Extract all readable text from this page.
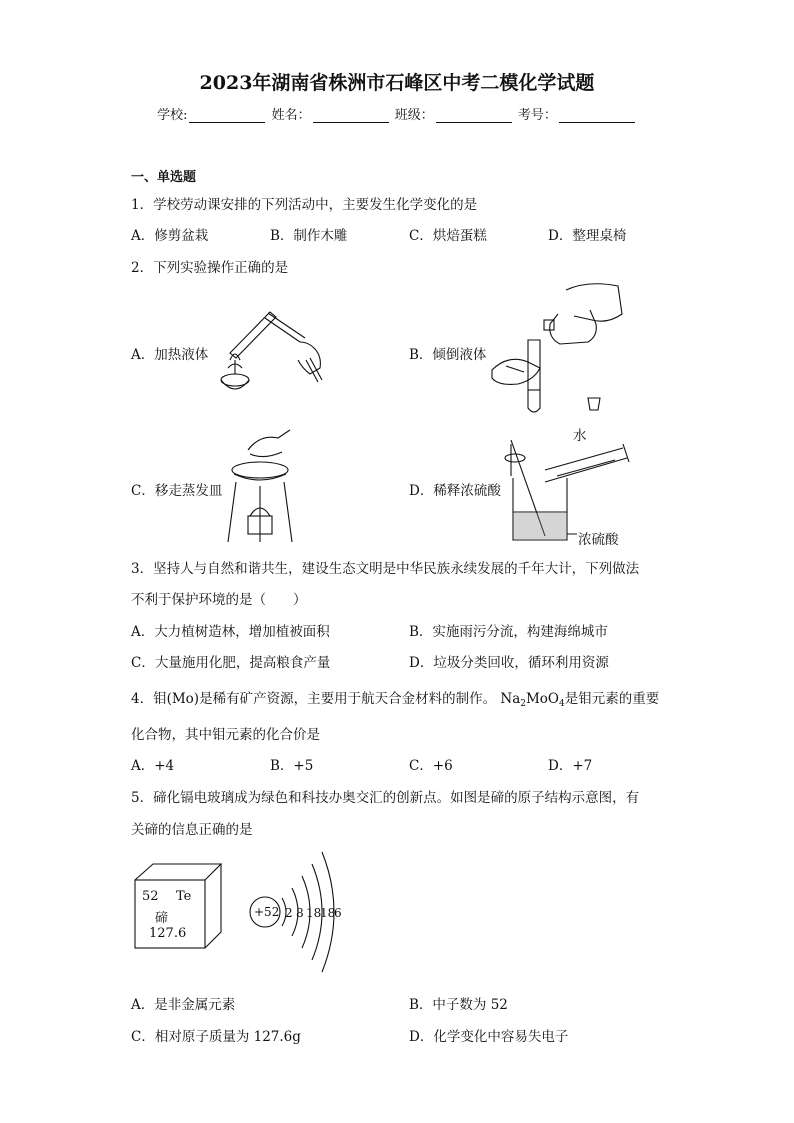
2023年湖南省株洲市石峰区中考二模化学试题
学校:	姓名：	班级：	考号：
一、单选题
1．学校劳动课安排的下列活动中，主要发生化学变化的是
A．修剪盆栽	B．制作木雕	C．烘焙蛋糕	D．整理桌椅
2．下列实验操作正确的是
A．加热液体	B．倾倒液体
C．移走蒸发皿	D．稀释浓硫酸
水
浓硫酸
3．坚持人与自然和谐共生，建设生态文明是中华民族永续发展的千年大计，下列做法
不利于保护环境的是（　　）
A．大力植树造林，增加植被面积	B．实施雨污分流，构建海绵城市
C．大量施用化肥，提高粮食产量	D．垃圾分类回收，循环利用资源
4．钼(Mo)是稀有矿产资源，主要用于航天合金材料的制作。 $Na_2MoO_4$是钼元素的重要
化合物，其中钼元素的化合价是
A．+4	B．+5	C．+6	D．+7
5．碲化镉电玻璃成为绿色和科技办奥交汇的创新点。如图是碲的原子结构示意图，有
关碲的信息正确的是
52 Te
碲
127.6
+52 2 8 18
18
6
A．是非金属元素	B．中子数为 52
C．相对原子质量为 127.6g	D．化学变化中容易失电子
